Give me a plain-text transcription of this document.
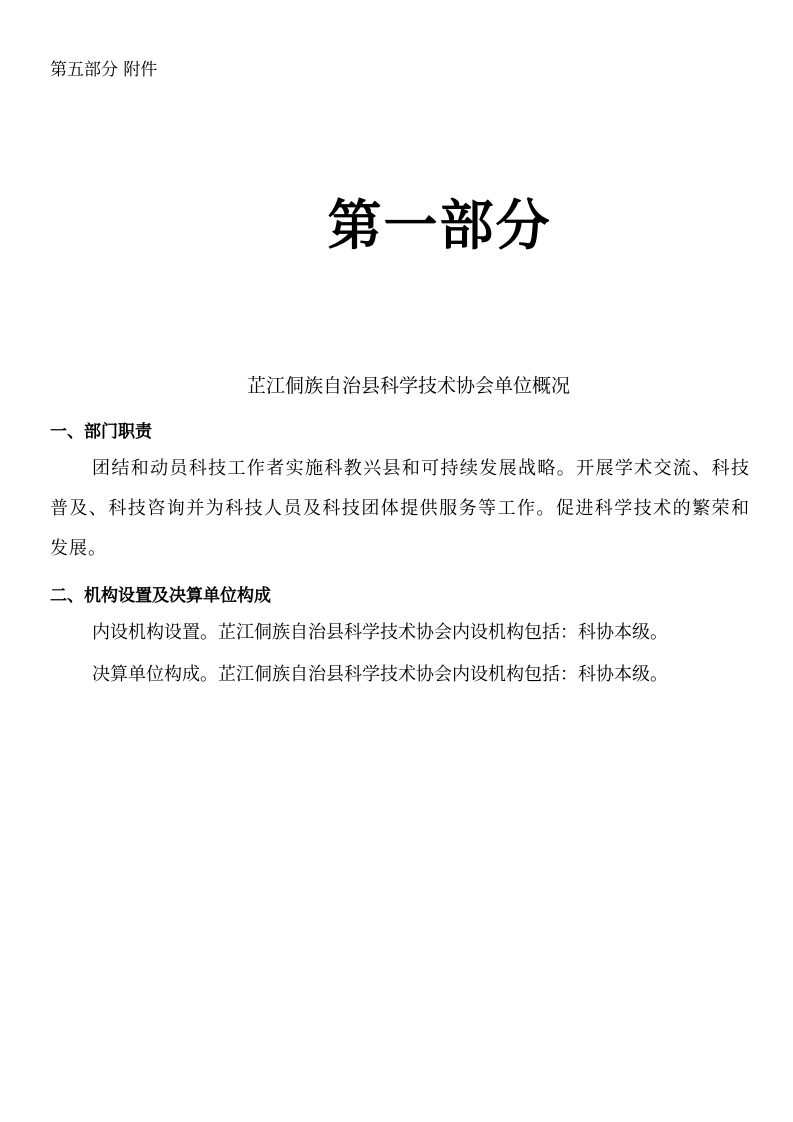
第五部分 附件
第一部分
芷江侗族自治县科学技术协会单位概况
一、部门职责
团结和动员科技工作者实施科教兴县和可持续发展战略。开展学术交流、科技普及、科技咨询并为科技人员及科技团体提供服务等工作。促进科学技术的繁荣和发展。
二、机构设置及决算单位构成
内设机构设置。芷江侗族自治县科学技术协会内设机构包括：科协本级。
决算单位构成。芷江侗族自治县科学技术协会内设机构包括：科协本级。
